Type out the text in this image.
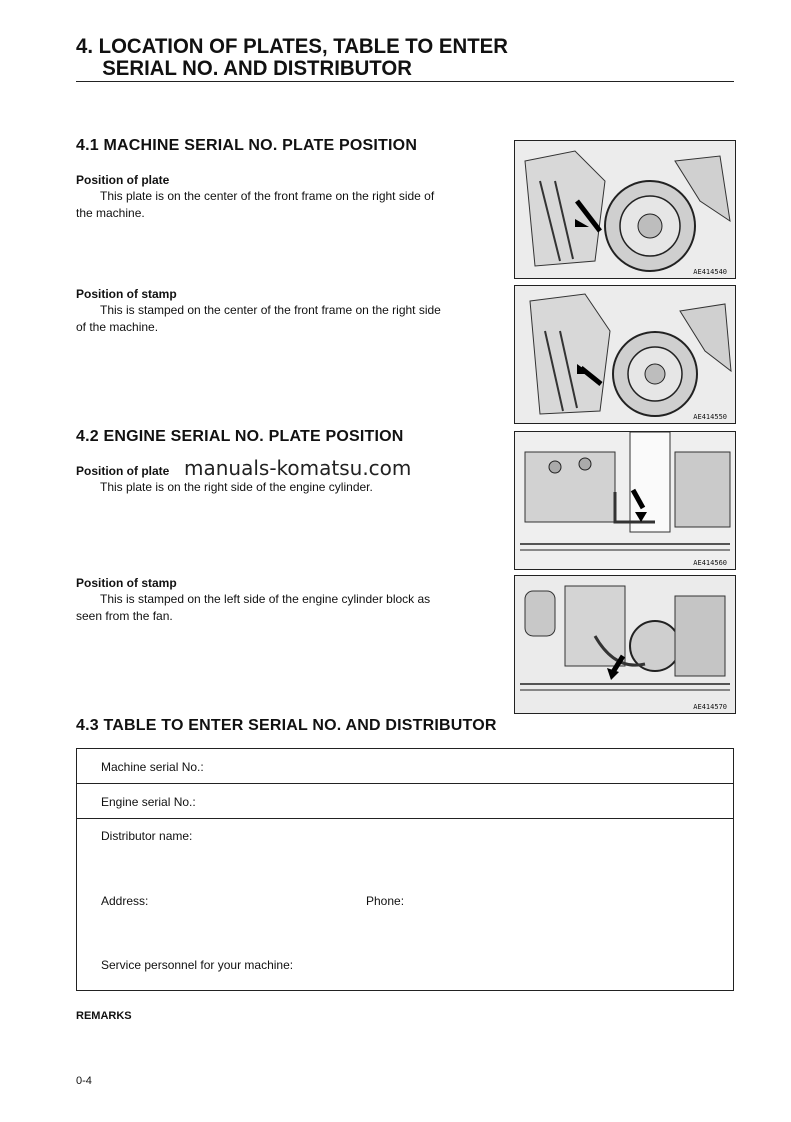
4. LOCATION OF PLATES, TABLE TO ENTER
SERIAL NO. AND DISTRIBUTOR
4.1 MACHINE SERIAL NO. PLATE POSITION
Position of plate
This plate is on the center of the front frame on the right side of
the machine.
Position of stamp
This is stamped on the center of the front frame on the right side
of the machine.
AE414540
AE414550
4.2 ENGINE SERIAL NO. PLATE POSITION
Position of plate manuals-komatsu.com
This plate is on the right side of the engine cylinder.
Position of stamp
This is stamped on the left side of the engine cylinder block as
seen from the fan.
AE414560
AE414570
4.3 TABLE TO ENTER SERIAL NO. AND DISTRIBUTOR
Machine serial No.:
Engine serial No.:

Distributor name:
Address:	Phone:
Service personnel for your machine:
REMARKS
0-4
